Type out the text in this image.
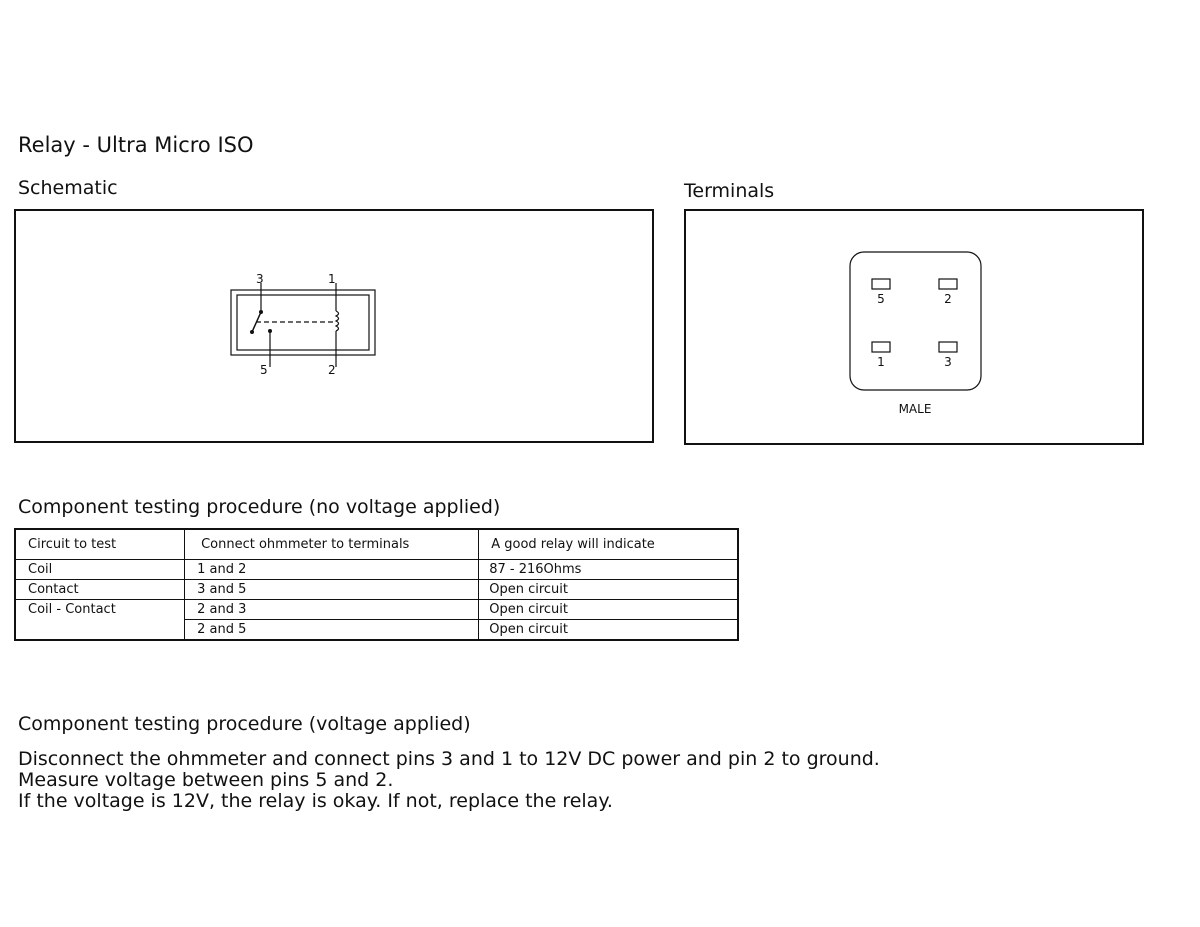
Relay - Ultra Micro ISO
Schematic
3	1
5	2
Terminals
5	2
1	3
MALE
Component testing procedure (no voltage applied)
Circuit to test	Connect ohmmeter to terminals	A good relay will indicate
Coil	1 and 2	87 - 216Ohms
Contact	3 and 5	Open circuit
Coil - Contact	2 and 3	Open circuit
	2 and 5	Open circuit
Component testing procedure (voltage applied)
Disconnect the ohmmeter and connect pins 3 and 1 to 12V DC power and pin 2 to ground.
Measure voltage between pins 5 and 2.
If the voltage is 12V, the relay is okay. If not, replace the relay.
